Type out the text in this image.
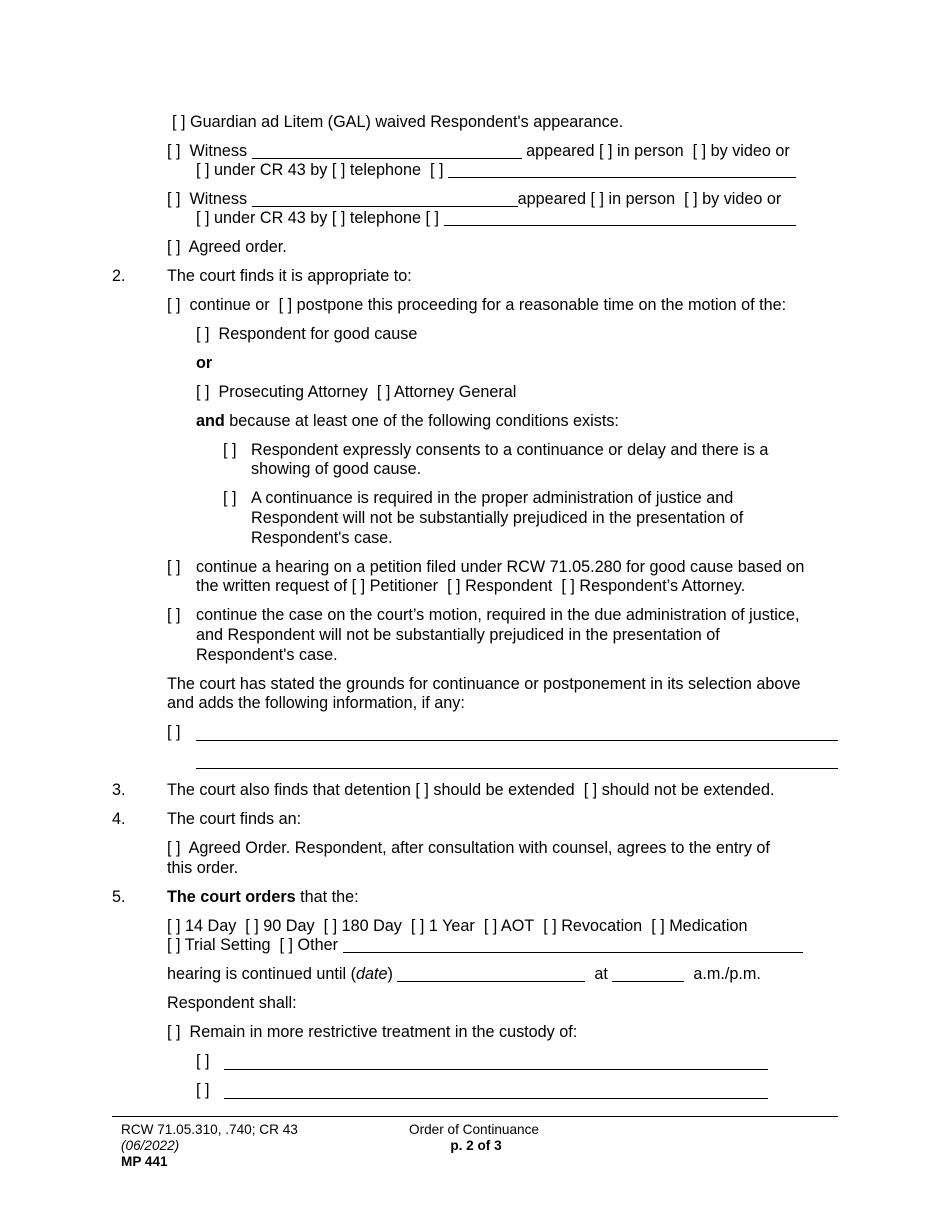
[ ] Guardian ad Litem (GAL) waived Respondent's appearance.
[ ] Witness	appeared [ ] in person [ ] by video or
[ ] under CR 43 by [ ] telephone [ ]
[ ] Witness	appeared [ ] in person [ ] by video or
[ ] under CR 43 by [ ] telephone [ ]
[ ] Agreed order.
2.	The court finds it is appropriate to:
[ ] continue or [ ] postpone this proceeding for a reasonable time on the motion of the:
[ ] Respondent for good cause
or
[ ] Prosecuting Attorney [ ] Attorney General
and because at least one of the following conditions exists:
[ ] Respondent expressly consents to a continuance or delay and there is a
showing of good cause.
[ ] A continuance is required in the proper administration of justice and
Respondent will not be substantially prejudiced in the presentation of
Respondent's case.
[ ] continue a hearing on a petition filed under RCW 71.05.280 for good cause based on
the written request of [ ] Petitioner [ ] Respondent [ ] Respondent’s Attorney.
[ ] continue the case on the court’s motion, required in the due administration of justice,
and Respondent will not be substantially prejudiced in the presentation of
Respondent's case.
The court has stated the grounds for continuance or postponement in its selection above
and adds the following information, if any:
[ ]
3.	The court also finds that detention [ ] should be extended [ ] should not be extended.
4.	The court finds an:
[ ] Agreed Order. Respondent, after consultation with counsel, agrees to the entry of
this order.
5.	The court orders that the:
[ ] 14 Day [ ] 90 Day [ ] 180 Day [ ] 1 Year [ ] AOT [ ] Revocation [ ] Medication
[ ] Trial Setting [ ] Other
hearing is continued until (date)	at	a.m./p.m.
Respondent shall:
[ ] Remain in more restrictive treatment in the custody of:
[ ]
[ ]
RCW 71.05.310, .740; CR 43
(06/2022)
MP 441
Order of Continuance
p. 2 of 3
